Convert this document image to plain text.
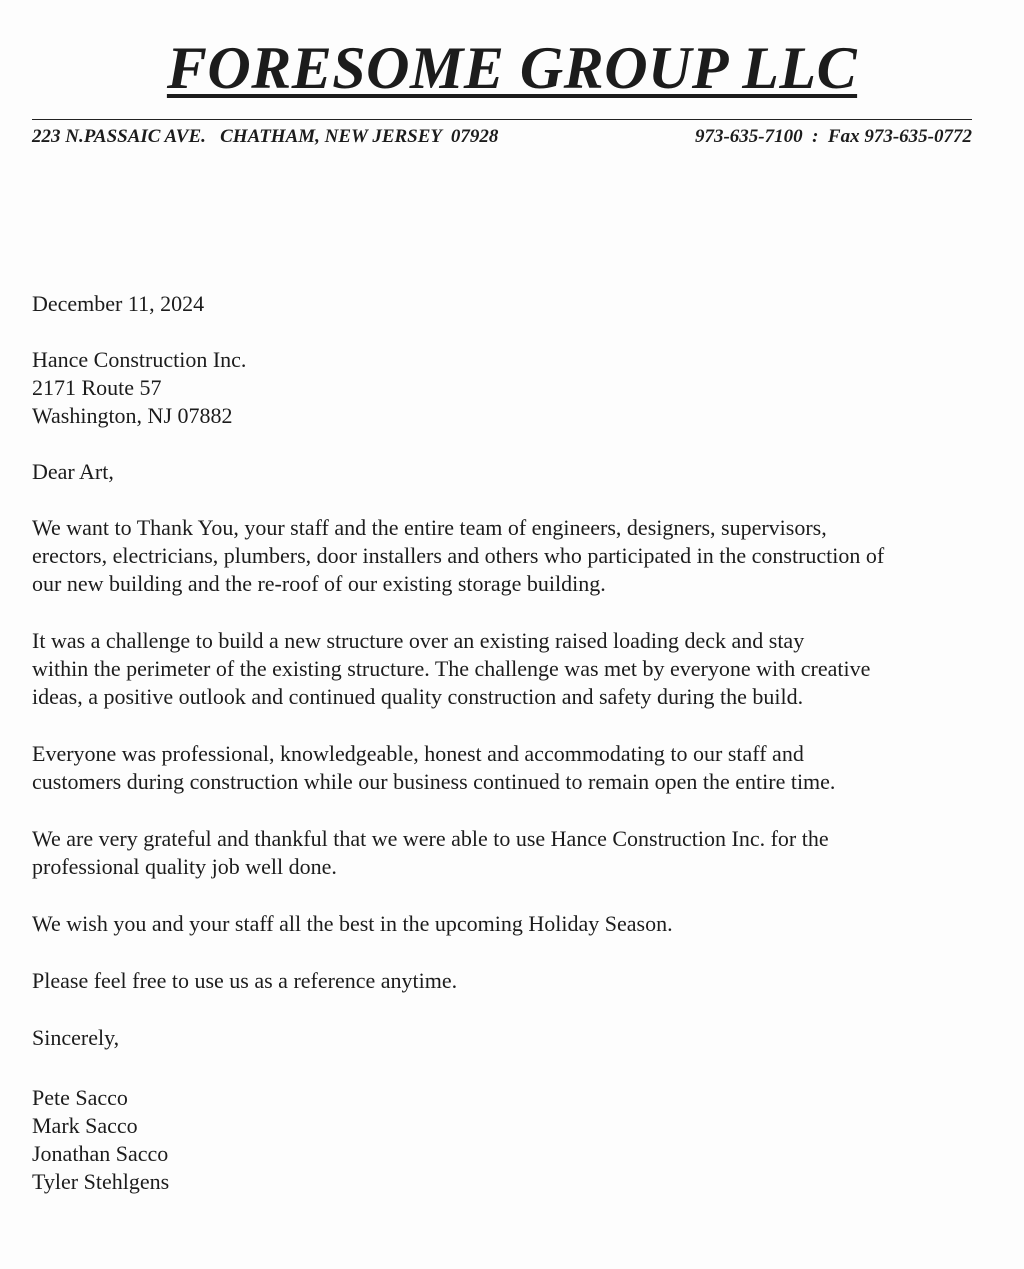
FORESOME GROUP LLC
223 N.PASSAIC AVE.   CHATHAM, NEW JERSEY  07928	973-635-7100  :  Fax 973-635-0772

December 11, 2024

Hance Construction Inc.
2171 Route 57
Washington, NJ 07882

Dear Art,

We want to Thank You, your staff and the entire team of engineers, designers, supervisors,
erectors, electricians, plumbers, door installers and others who participated in the construction of
our new building and the re-roof of our existing storage building.

It was a challenge to build a new structure over an existing raised loading deck and stay
within the perimeter of the existing structure. The challenge was met by everyone with creative
ideas, a positive outlook and continued quality construction and safety during the build.

Everyone was professional, knowledgeable, honest and accommodating to our staff and
customers during construction while our business continued to remain open the entire time.

We are very grateful and thankful that we were able to use Hance Construction Inc. for the
professional quality job well done.

We wish you and your staff all the best in the upcoming Holiday Season.

Please feel free to use us as a reference anytime.

Sincerely,

Pete Sacco
Mark Sacco
Jonathan Sacco
Tyler Stehlgens
